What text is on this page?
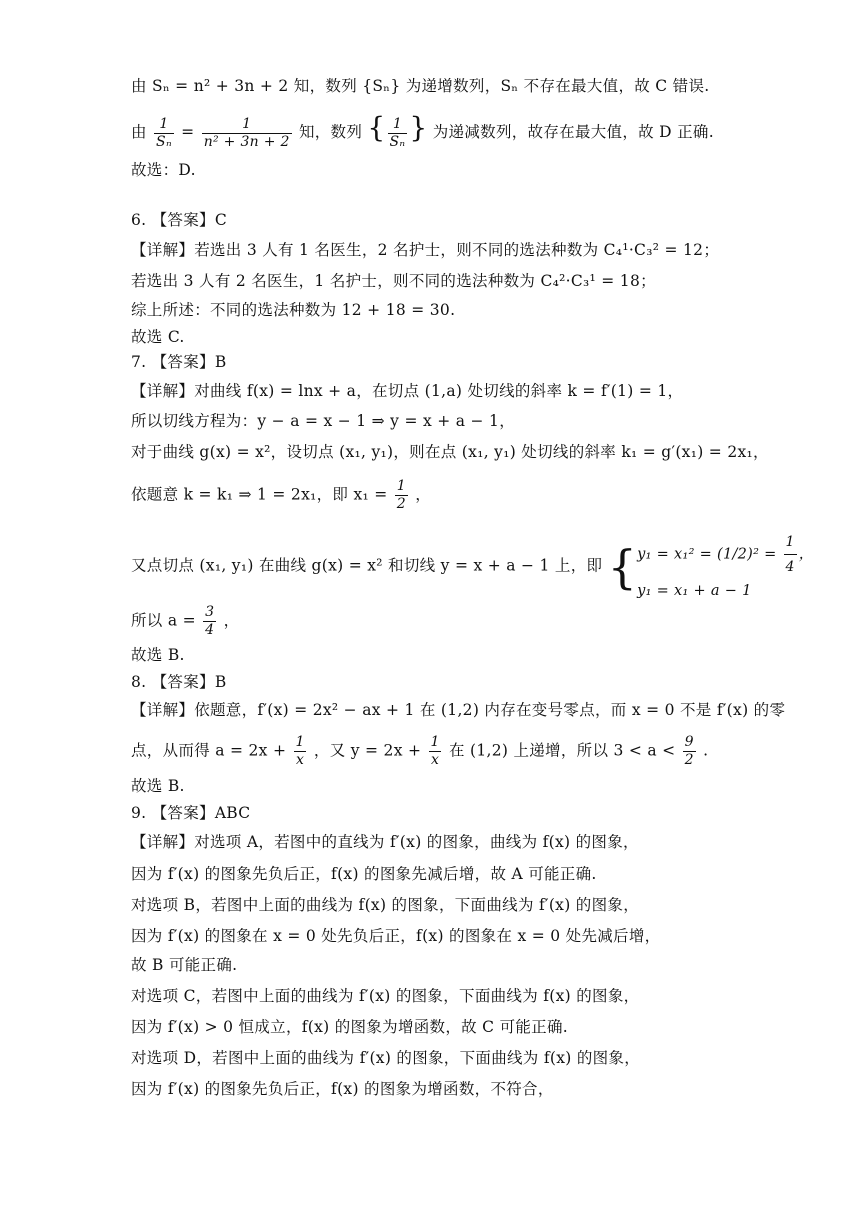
由 Sₙ = n² + 3n + 2 知，数列 {Sₙ} 为递增数列，Sₙ 不存在最大值，故 C 错误.
由 $\frac{1}{\text{Sₙ}} = \frac{1}{\text{n² + 3n + 2}}$ 知，数列 { $\frac{1}{\text{Sₙ}}$ } 为递减数列，故存在最大值，故 D 正确.
故选：D.
6. 【答案】C
【详解】若选出 3 人有 1 名医生，2 名护士，则不同的选法种数为 C₄¹·C₃² = 12；
若选出 3 人有 2 名医生，1 名护士，则不同的选法种数为 C₄²·C₃¹ = 18；
综上所述：不同的选法种数为 12 + 18 = 30.
故选 C.
7. 【答案】B
【详解】对曲线 f(x) = lnx + a，在切点 (1,a) 处切线的斜率 k = f′(1) = 1，
所以切线方程为：y − a = x − 1 ⇒ y = x + a − 1，
对于曲线 g(x) = x²，设切点 (x₁, y₁)，则在点 (x₁, y₁) 处切线的斜率 k₁ = g′(x₁) = 2x₁，
依题意 k = k₁ ⇒ 1 = 2x₁，即 $x_1 = \frac{1}{2}$ ，
又点切点 (x₁, y₁) 在曲线 g(x) = x² 和切线 y = x + a − 1 上，即 { $y_1 = x_1^2 = (1/2)^2 = \frac{1}{4}$ ，
y₁ = x₁ + a − 1
所以 $a = \frac{3}{4}$ ，
故选 B.
8. 【答案】B
【详解】依题意，f′(x) = 2x² − ax + 1 在 (1,2) 内存在变号零点，而 x = 0 不是 f′(x) 的零
点，从而得 $a = 2x + \frac{1}{x}$ ，又 $y = 2x + \frac{1}{x}$ 在 (1,2) 上递增，所以 $3 < a < \frac{9}{2}$ .
故选 B.
9. 【答案】ABC
【详解】对选项 A，若图中的直线为 f′(x) 的图象，曲线为 f(x) 的图象，
因为 f′(x) 的图象先负后正，f(x) 的图象先减后增，故 A 可能正确.
对选项 B，若图中上面的曲线为 f(x) 的图象，下面曲线为 f′(x) 的图象，
因为 f′(x) 的图象在 x = 0 处先负后正，f(x) 的图象在 x = 0 处先减后增，
故 B 可能正确.
对选项 C，若图中上面的曲线为 f′(x) 的图象，下面曲线为 f(x) 的图象，
因为 f′(x) > 0 恒成立，f(x) 的图象为增函数，故 C 可能正确.
对选项 D，若图中上面的曲线为 f′(x) 的图象，下面曲线为 f(x) 的图象，
因为 f′(x) 的图象先负后正，f(x) 的图象为增函数，不符合，
